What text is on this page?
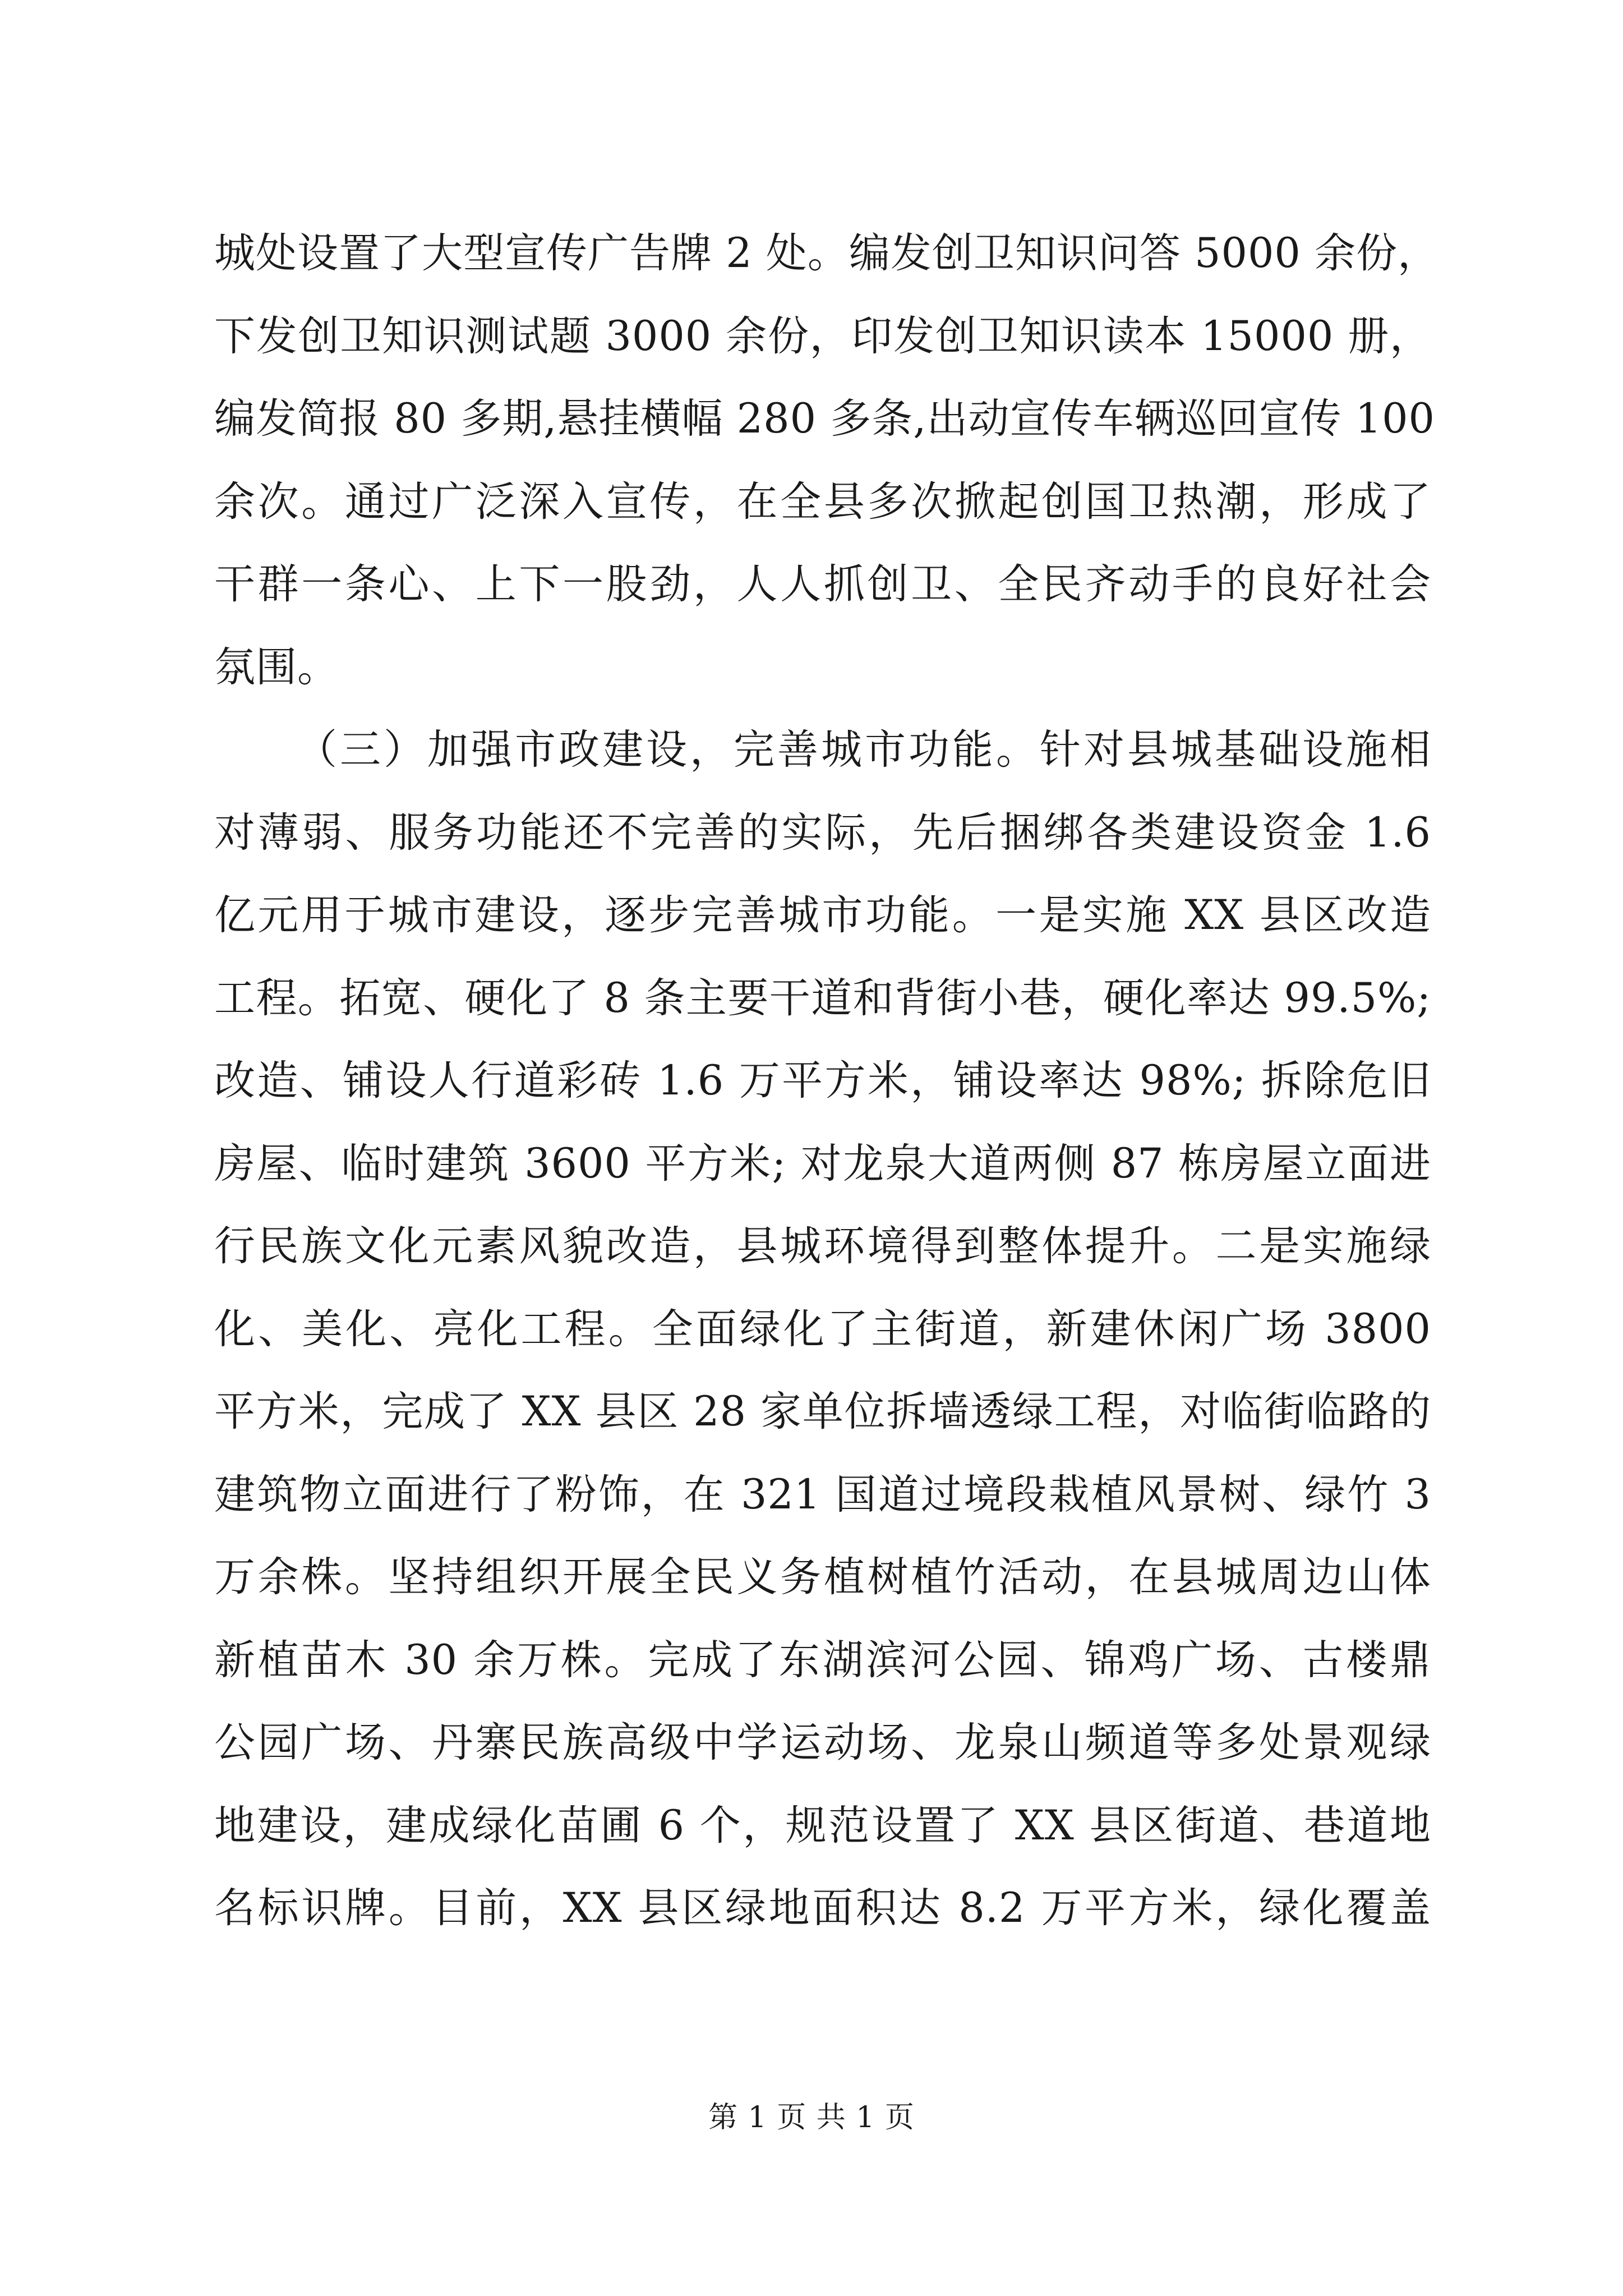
城处设置了大型宣传广告牌 2 处。编发创卫知识问答 5000 余份，
下发创卫知识测试题 3000 余份，印发创卫知识读本 15000 册，
编发简报 80 多期,悬挂横幅 280 多条,出动宣传车辆巡回宣传 100
余次。通过广泛深入宣传，在全县多次掀起创国卫热潮，形成了
干群一条心、上下一股劲，人人抓创卫、全民齐动手的良好社会
氛围。
（三）加强市政建设，完善城市功能。针对县城基础设施相
对薄弱、服务功能还不完善的实际，先后捆绑各类建设资金 1.6
亿元用于城市建设，逐步完善城市功能。一是实施 XX 县区改造
工程。拓宽、硬化了 8 条主要干道和背街小巷，硬化率达 99.5%;
改造、铺设人行道彩砖 1.6 万平方米，铺设率达 98%; 拆除危旧
房屋、临时建筑 3600 平方米; 对龙泉大道两侧 87 栋房屋立面进
行民族文化元素风貌改造，县城环境得到整体提升。二是实施绿
化、美化、亮化工程。全面绿化了主街道，新建休闲广场 3800
平方米，完成了 XX 县区 28 家单位拆墙透绿工程，对临街临路的
建筑物立面进行了粉饰，在 321 国道过境段栽植风景树、绿竹 3
万余株。坚持组织开展全民义务植树植竹活动，在县城周边山体
新植苗木 30 余万株。完成了东湖滨河公园、锦鸡广场、古楼鼎
公园广场、丹寨民族高级中学运动场、龙泉山频道等多处景观绿
地建设，建成绿化苗圃 6 个，规范设置了 XX 县区街道、巷道地
名标识牌。目前，XX 县区绿地面积达 8.2 万平方米，绿化覆盖
第 1 页 共 1 页
